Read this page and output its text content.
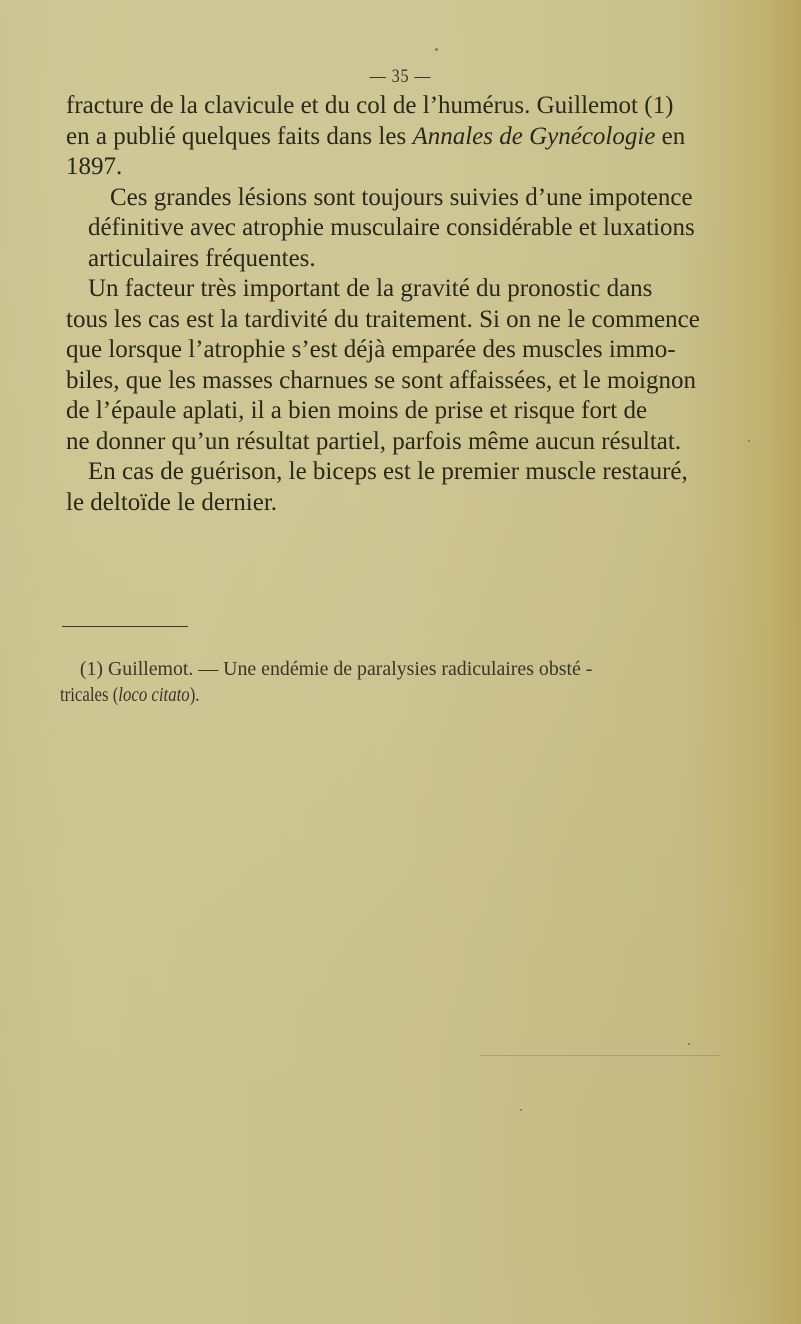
— 35 —

fracture de la clavicule et du col de l’humérus. Guillemot (1)
en a publié quelques faits dans les Annales de Gynécologie en
1897.

Ces grandes lésions sont toujours suivies d’une impotence
définitive avec atrophie musculaire considérable et luxations
articulaires fréquentes.

Un facteur très important de la gravité du pronostic dans
tous les cas est la tardivité du traitement. Si on ne le commence
que lorsque l’atrophie s’est déjà emparée des muscles immo-
biles, que les masses charnues se sont affaissées, et le moignon
de l’épaule aplati, il a bien moins de prise et risque fort de
ne donner qu’un résultat partiel, parfois même aucun résultat.

En cas de guérison, le biceps est le premier muscle restauré,
le deltoïde le dernier.

(1) Guillemot. — Une endémie de paralysies radiculaires obsté -
tricales (loco citato).
